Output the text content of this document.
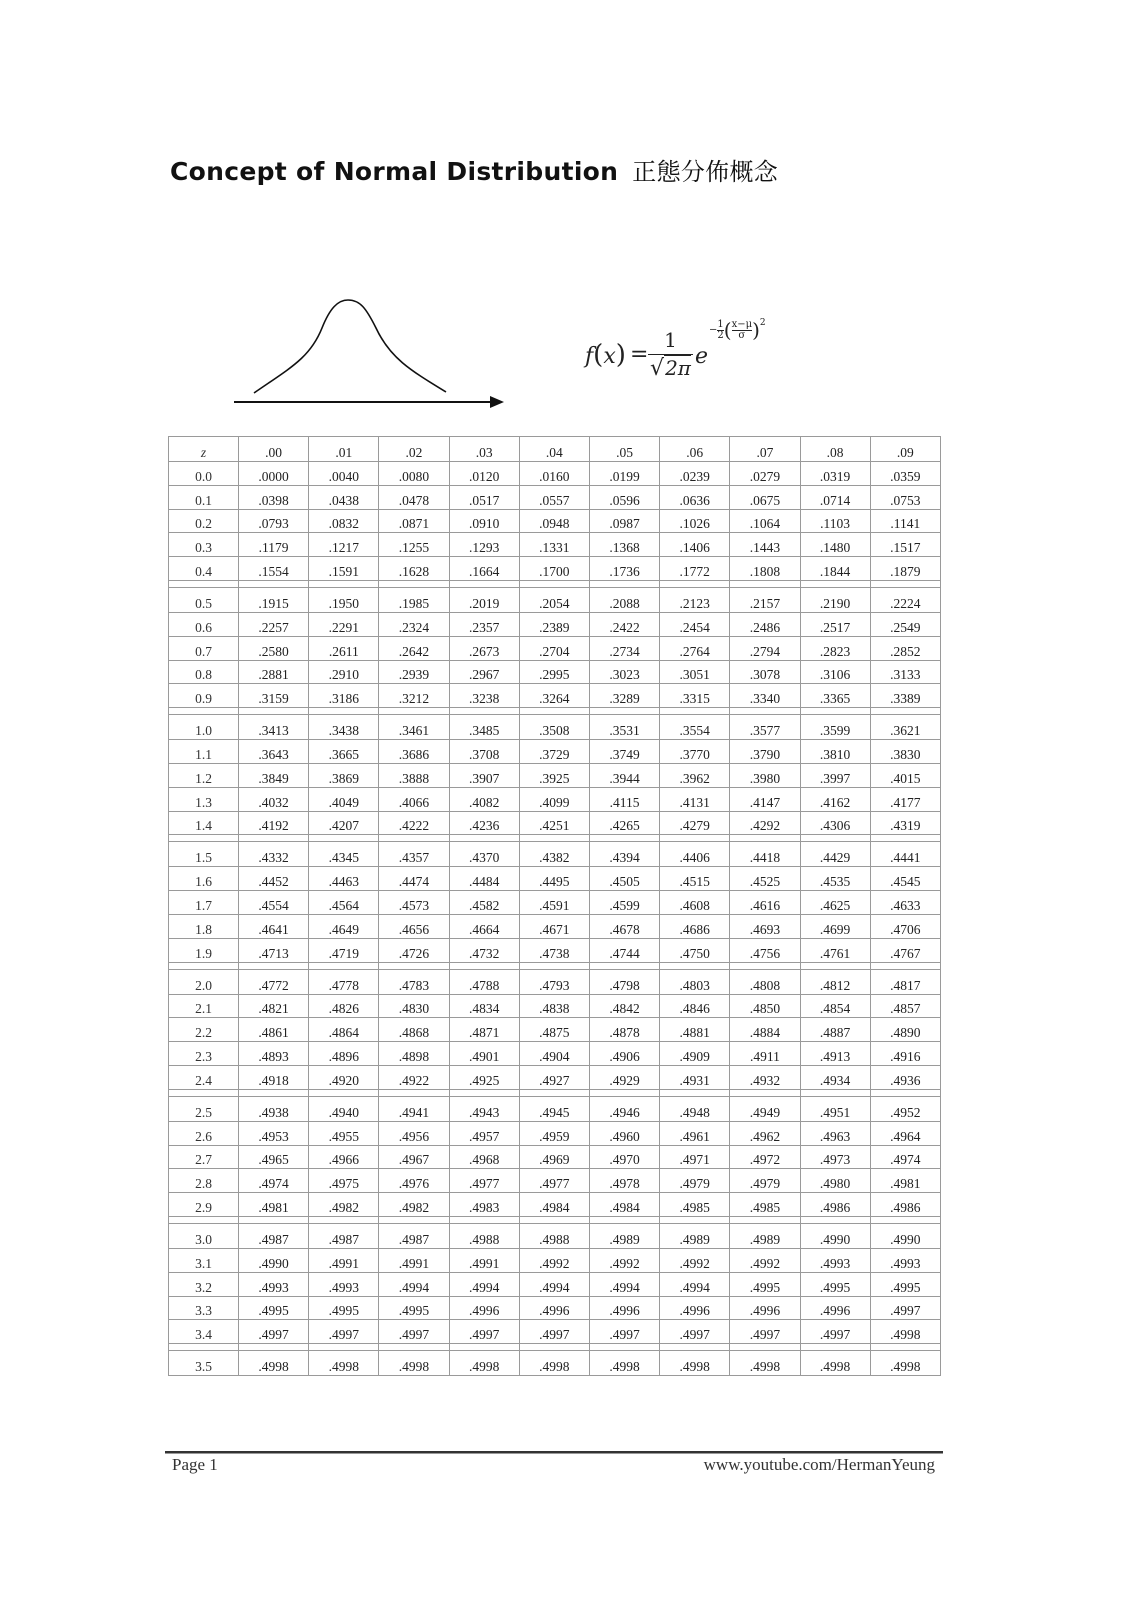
Concept of Normal Distribution 正態分佈概念
f(x) =
1
√2π e
− $\frac{1}{2}$ ( $\frac{x-\mu}{\sigma} )2$
z	.00	.01	.02	.03	.04	.05	.06	.07	.08	.09
0.0	.0000	.0040	.0080	.0120	.0160	.0199	.0239	.0279	.0319	.0359
0.1	.0398	.0438	.0478	.0517	.0557	.0596	.0636	.0675	.0714	.0753
0.2	.0793	.0832	.0871	.0910	.0948	.0987	.1026	.1064	.1103	.1141
0.3	.1179	.1217	.1255	.1293	.1331	.1368	.1406	.1443	.1480	.1517
0.4	.1554	.1591	.1628	.1664	.1700	.1736	.1772	.1808	.1844	.1879

0.5	.1915	.1950	.1985	.2019	.2054	.2088	.2123	.2157	.2190	.2224
0.6	.2257	.2291	.2324	.2357	.2389	.2422	.2454	.2486	.2517	.2549
0.7	.2580	.2611	.2642	.2673	.2704	.2734	.2764	.2794	.2823	.2852
0.8	.2881	.2910	.2939	.2967	.2995	.3023	.3051	.3078	.3106	.3133
0.9	.3159	.3186	.3212	.3238	.3264	.3289	.3315	.3340	.3365	.3389

1.0	.3413	.3438	.3461	.3485	.3508	.3531	.3554	.3577	.3599	.3621
1.1	.3643	.3665	.3686	.3708	.3729	.3749	.3770	.3790	.3810	.3830
1.2	.3849	.3869	.3888	.3907	.3925	.3944	.3962	.3980	.3997	.4015
1.3	.4032	.4049	.4066	.4082	.4099	.4115	.4131	.4147	.4162	.4177
1.4	.4192	.4207	.4222	.4236	.4251	.4265	.4279	.4292	.4306	.4319

1.5	.4332	.4345	.4357	.4370	.4382	.4394	.4406	.4418	.4429	.4441
1.6	.4452	.4463	.4474	.4484	.4495	.4505	.4515	.4525	.4535	.4545
1.7	.4554	.4564	.4573	.4582	.4591	.4599	.4608	.4616	.4625	.4633
1.8	.4641	.4649	.4656	.4664	.4671	.4678	.4686	.4693	.4699	.4706
1.9	.4713	.4719	.4726	.4732	.4738	.4744	.4750	.4756	.4761	.4767

2.0	.4772	.4778	.4783	.4788	.4793	.4798	.4803	.4808	.4812	.4817
2.1	.4821	.4826	.4830	.4834	.4838	.4842	.4846	.4850	.4854	.4857
2.2	.4861	.4864	.4868	.4871	.4875	.4878	.4881	.4884	.4887	.4890
2.3	.4893	.4896	.4898	.4901	.4904	.4906	.4909	.4911	.4913	.4916
2.4	.4918	.4920	.4922	.4925	.4927	.4929	.4931	.4932	.4934	.4936

2.5	.4938	.4940	.4941	.4943	.4945	.4946	.4948	.4949	.4951	.4952
2.6	.4953	.4955	.4956	.4957	.4959	.4960	.4961	.4962	.4963	.4964
2.7	.4965	.4966	.4967	.4968	.4969	.4970	.4971	.4972	.4973	.4974
2.8	.4974	.4975	.4976	.4977	.4977	.4978	.4979	.4979	.4980	.4981
2.9	.4981	.4982	.4982	.4983	.4984	.4984	.4985	.4985	.4986	.4986

3.0	.4987	.4987	.4987	.4988	.4988	.4989	.4989	.4989	.4990	.4990
3.1	.4990	.4991	.4991	.4991	.4992	.4992	.4992	.4992	.4993	.4993
3.2	.4993	.4993	.4994	.4994	.4994	.4994	.4994	.4995	.4995	.4995
3.3	.4995	.4995	.4995	.4996	.4996	.4996	.4996	.4996	.4996	.4997
3.4	.4997	.4997	.4997	.4997	.4997	.4997	.4997	.4997	.4997	.4998

3.5	.4998	.4998	.4998	.4998	.4998	.4998	.4998	.4998	.4998	.4998
Page 1	www.youtube.com/HermanYeung
